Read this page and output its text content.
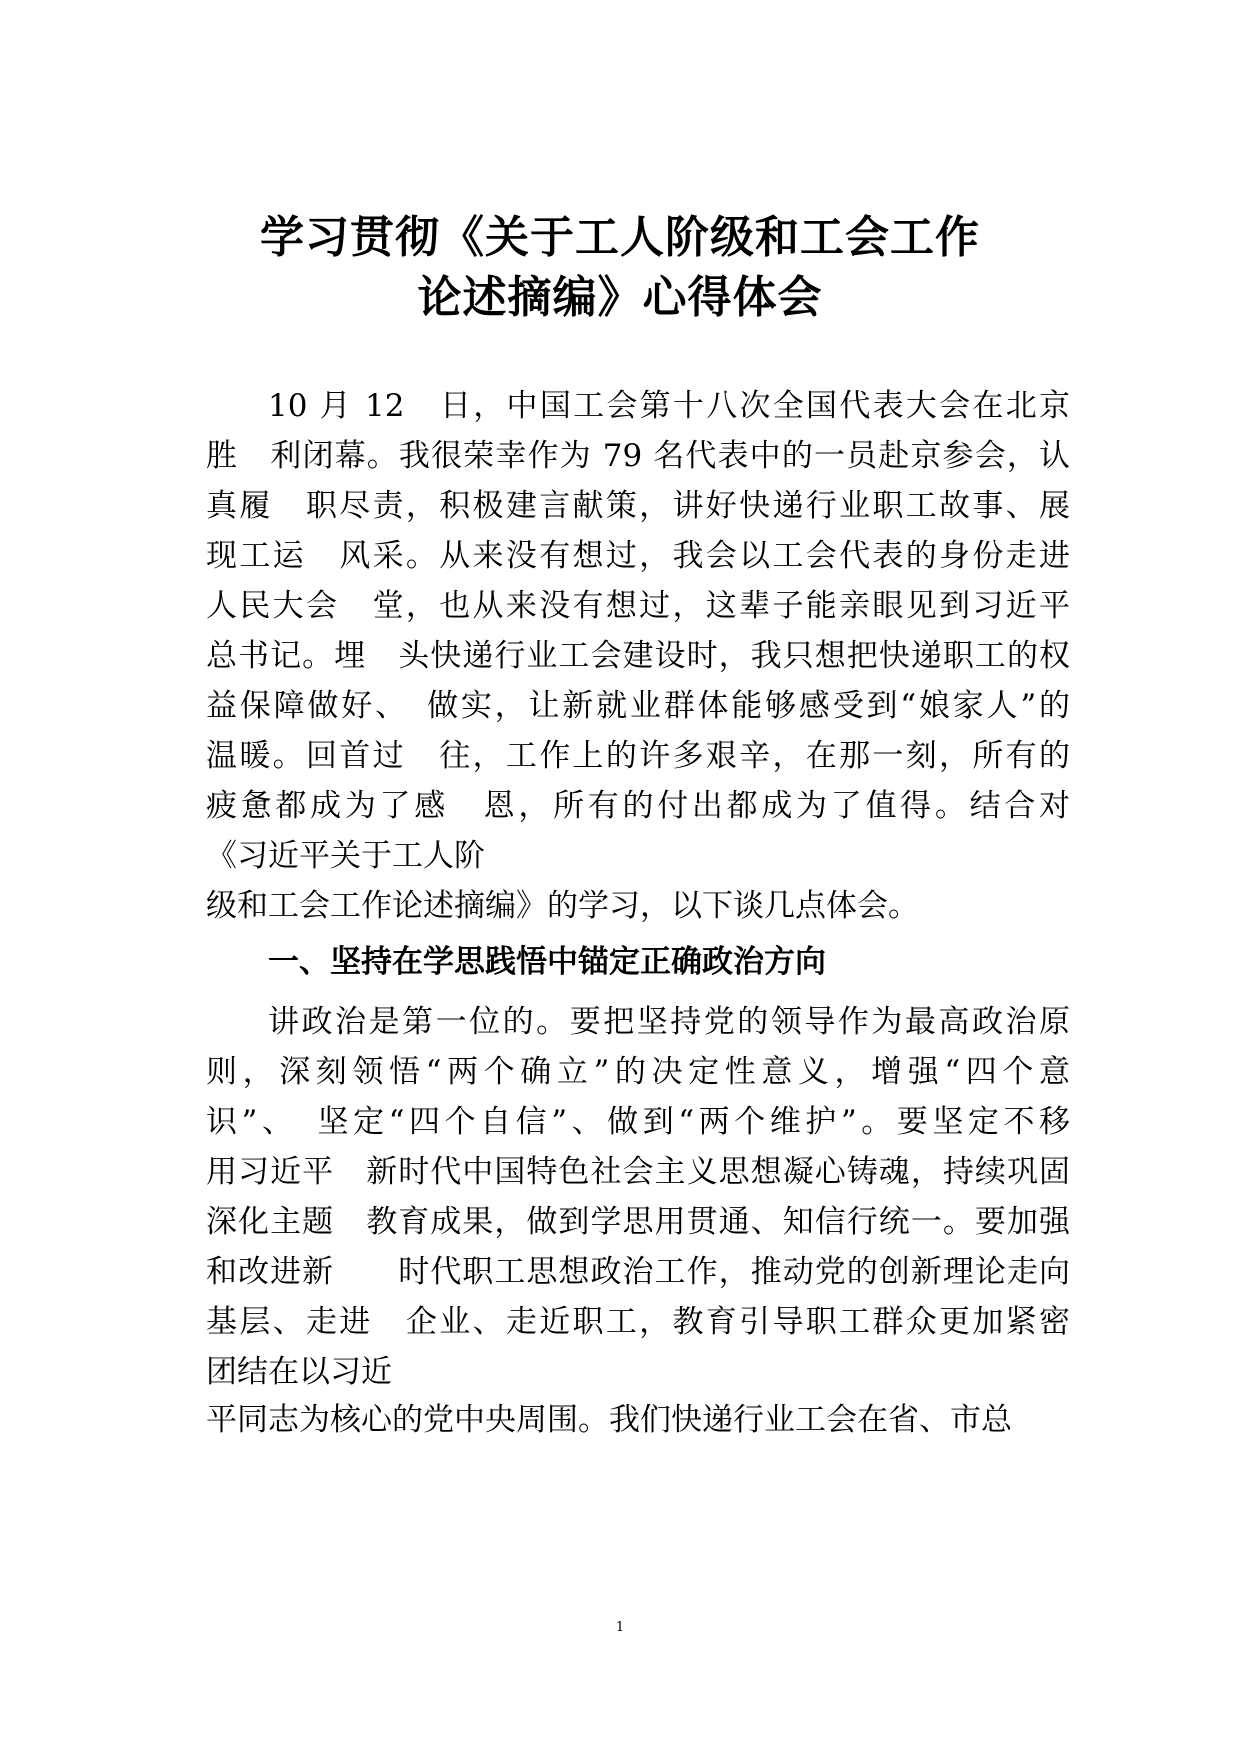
学习贯彻《关于工人阶级和工会工作
论述摘编》心得体会
10 月 12　日，中国工会第十八次全国代表大会在北京
胜　利闭幕。我很荣幸作为 79 名代表中的一员赴京参会，认
真履　职尽责，积极建言献策，讲好快递行业职工故事、展
现工运　风采。从来没有想过，我会以工会代表的身份走进
人民大会　堂，也从来没有想过，这辈子能亲眼见到习近平
总书记。埋　头快递行业工会建设时，我只想把快递职工的权
益保障做好、　做实，让新就业群体能够感受到“娘家人”的
温暖。回首过　往，工作上的许多艰辛，在那一刻，所有的
疲惫都成为了感　恩，所有的付出都成为了值得。结合对
《习近平关于工人阶
级和工会工作论述摘编》的学习，以下谈几点体会。
一、坚持在学思践悟中锚定正确政治方向
讲政治是第一位的。要把坚持党的领导作为最高政治原
则，深刻领悟“两个确立”的决定性意义，增强“四个意
识”、　坚定“四个自信”、做到“两个维护”。要坚定不移
用习近平　新时代中国特色社会主义思想凝心铸魂，持续巩固
深化主题　教育成果，做到学思用贯通、知信行统一。要加强
和改进新　　时代职工思想政治工作，推动党的创新理论走向
基层、走进　企业、走近职工，教育引导职工群众更加紧密
团结在以习近
平同志为核心的党中央周围。我们快递行业工会在省、市总
1
